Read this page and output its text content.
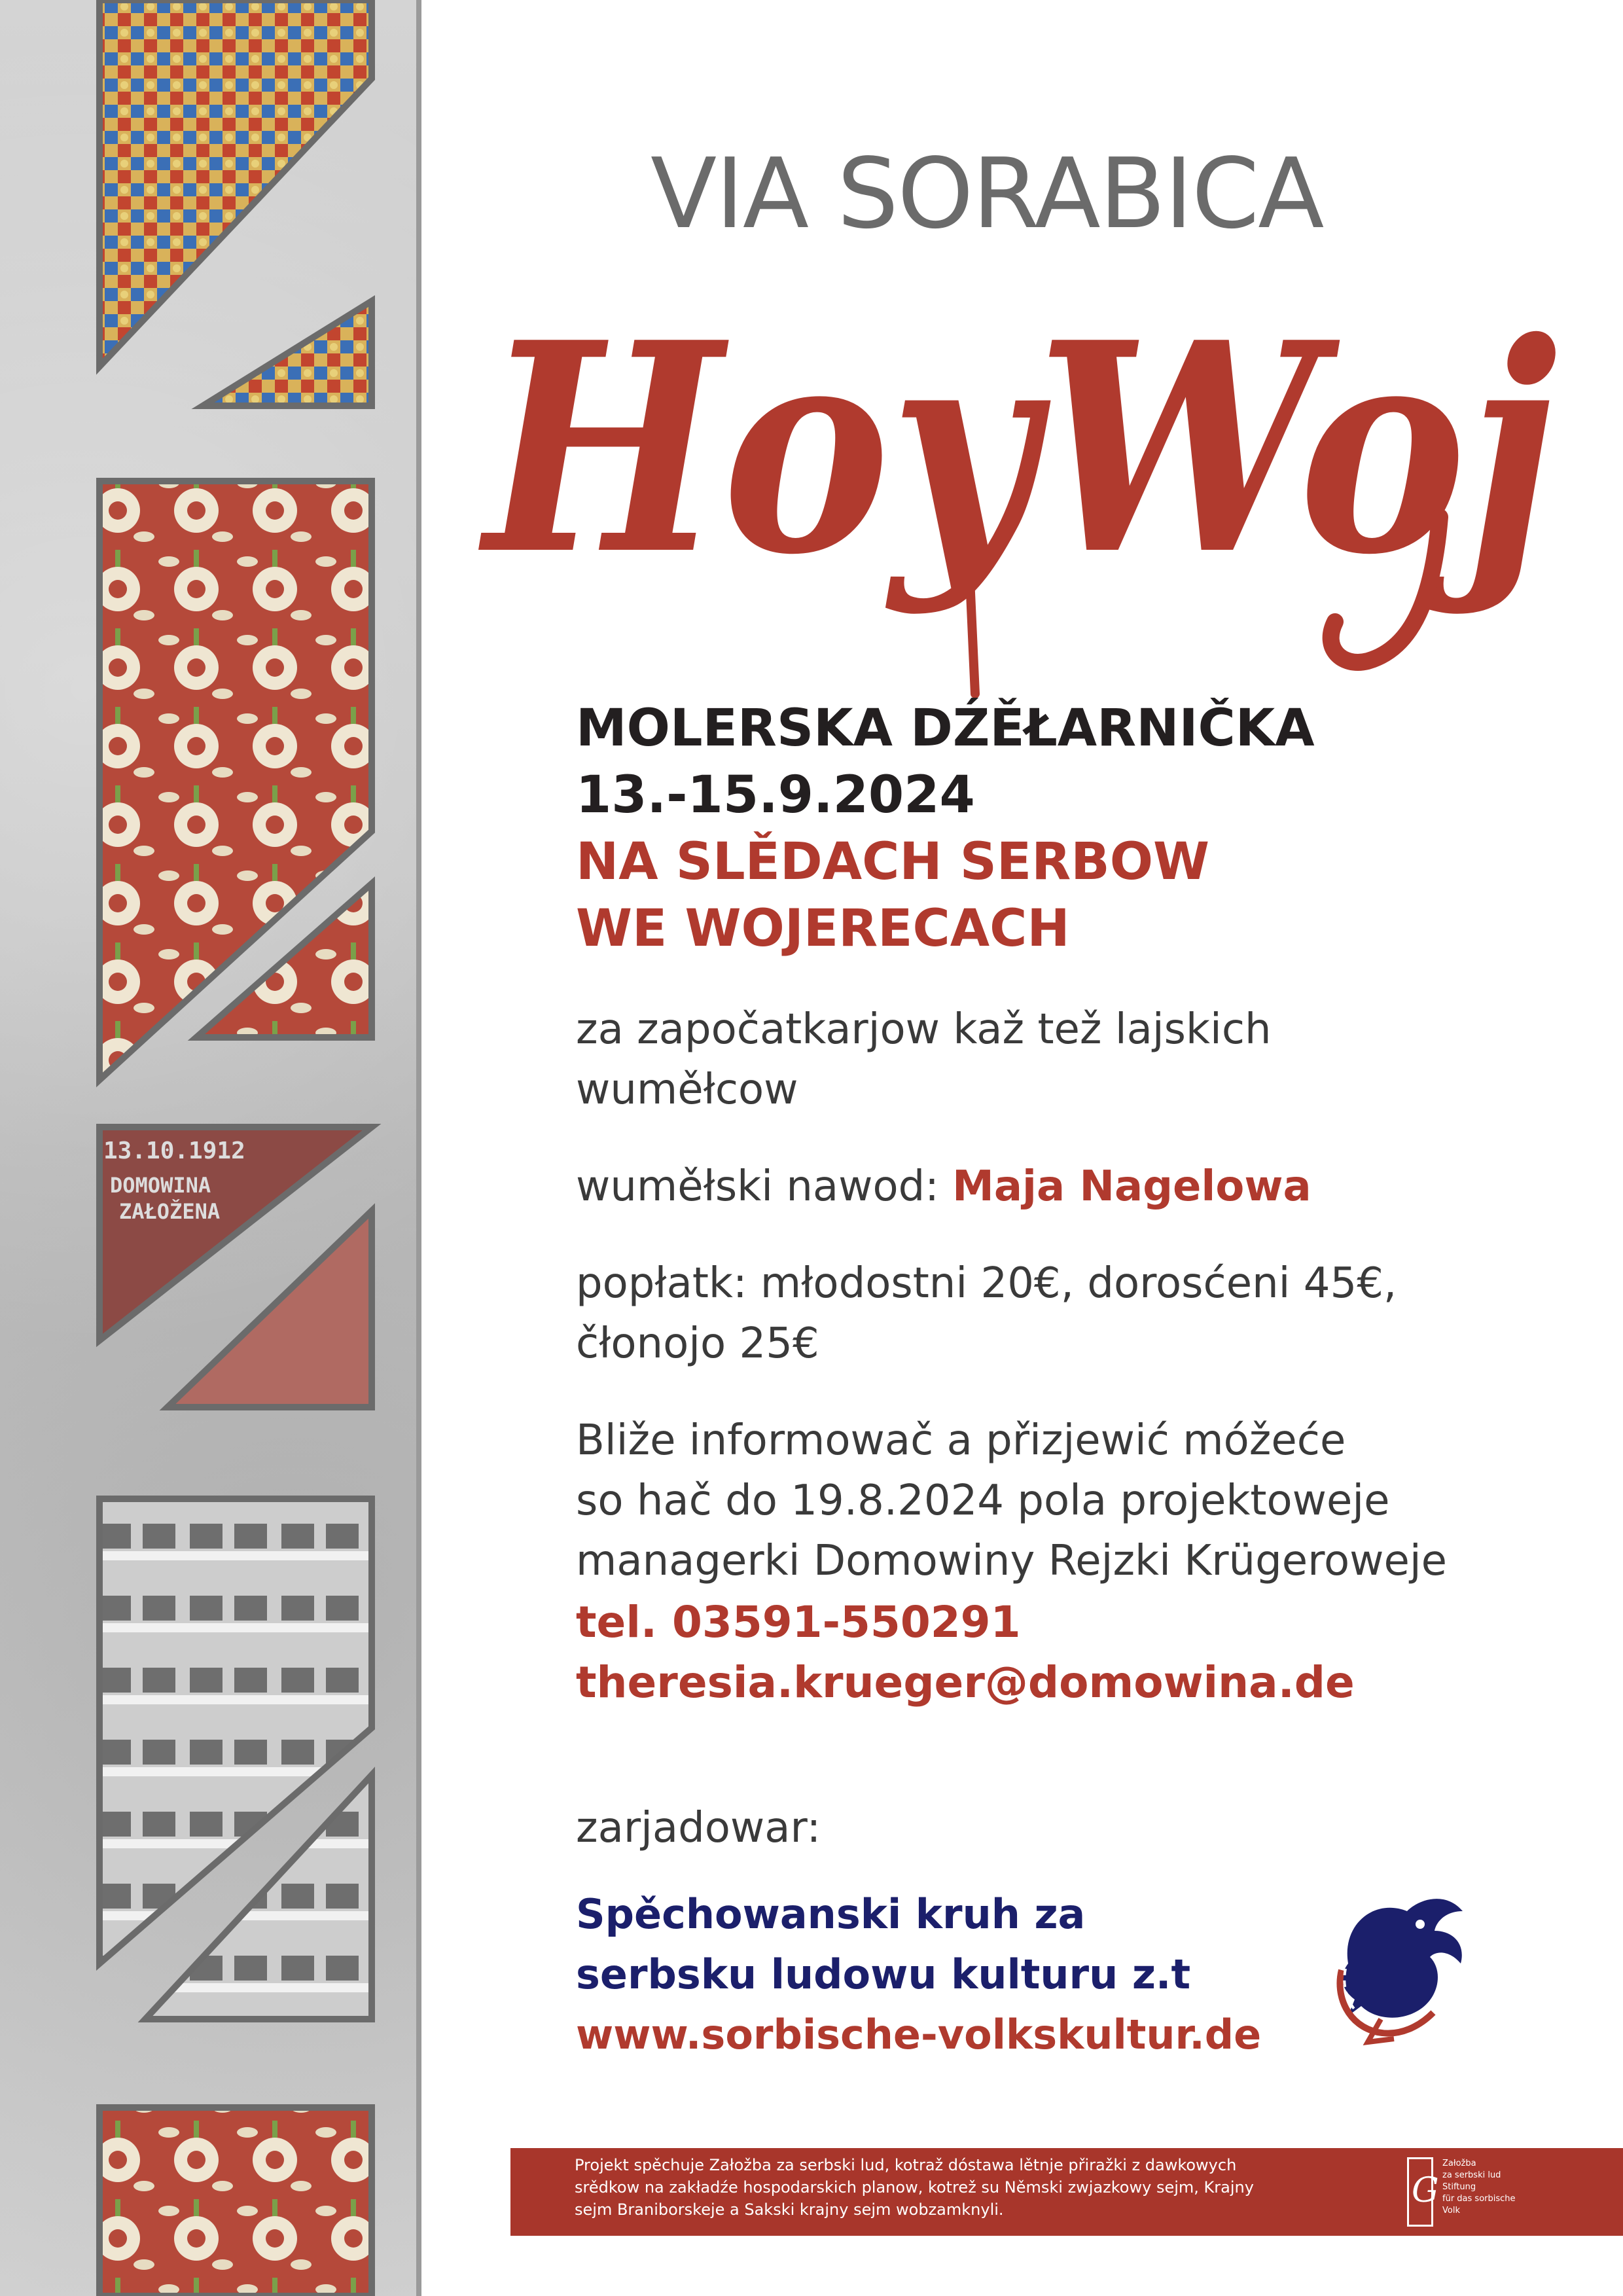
13.10.1912
DOMOWINA
ZAŁOŽENA

VIA SORABICA

HoyWoj

MOLERSKA DŹĚŁARNIČKA

13.-15.9.2024

NA SLĚDACH SERBOW

WE WOJERECACH

za započatkarjow kaž tež lajskich

wuměłcow

wuměłski nawod: Maja Nagelowa

popłatk: młodostni 20€, dorosćeni 45€,

čłonojo 25€

Bliže informowač a přizjewić móžeće

so hač do 19.8.2024 pola projektoweje

managerki Domowiny Rejzki Krügeroweje

tel. 03591-550291

theresia.krueger@domowina.de

zarjadowar:

Spěchowanski kruh za

serbsku ludowu kulturu z.t

www.sorbische-volkskultur.de

Projekt spěchuje Załožba za serbski lud, kotraž dóstawa lětnje přiražki z dawkowych

srědkow na zakładźe hospodarskich planow, kotrež su Němski zwjazkowy sejm, Krajny

sejm Braniborskeje a Sakski krajny sejm wobzamknyli.	G

Załožba

za serbski lud

Stiftung

für das sorbische

Volk
